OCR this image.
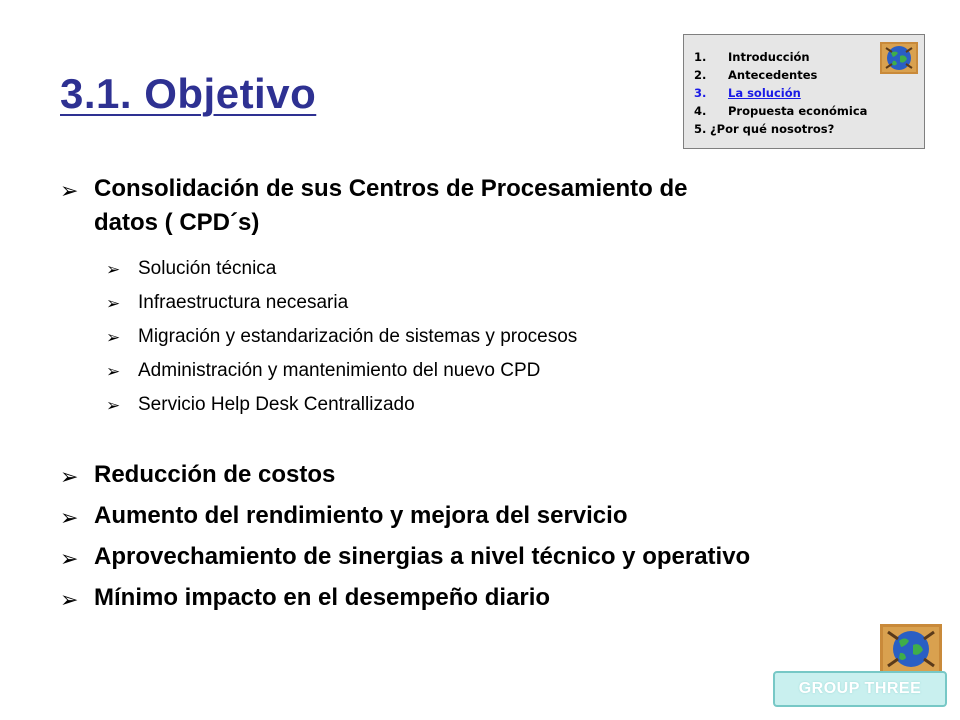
3.1. Objetivo
1. Introducción
2. Antecedentes
3. La solución
4. Propuesta económica
5. ¿Por qué nosotros?
➢ Consolidación de sus Centros de Procesamiento de
datos ( CPD´s)
➢ Solución técnica
➢ Infraestructura necesaria
➢ Migración y estandarización de sistemas y procesos
➢ Administración y mantenimiento del nuevo CPD
➢ Servicio Help Desk Centrallizado
➢ Reducción de costos
➢ Aumento del rendimiento y mejora del servicio
➢ Aprovechamiento de sinergias a nivel técnico y operativo
➢ Mínimo impacto en el desempeño diario
GROUP THREE
